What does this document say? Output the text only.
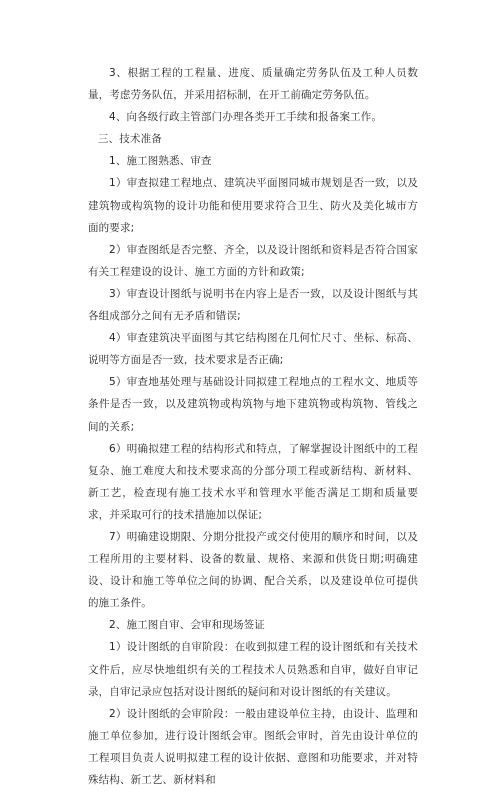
3、根据工程的工程量、进度、质量确定劳务队伍及工种人员数量，考虑劳务队伍，并采用招标制，在开工前确定劳务队伍。

4、向各级行政主管部门办理各类开工手续和报备案工作。

三、技术准备

1、施工图熟悉、审查

1）审查拟建工程地点、建筑决平面图同城市规划是否一致，以及建筑物或构筑物的设计功能和使用要求符合卫生、防火及美化城市方面的要求;

2）审查图纸是否完整、齐全，以及设计图纸和资料是否符合国家有关工程建设的设计、施工方面的方针和政策;

3）审查设计图纸与说明书在内容上是否一致，以及设计图纸与其各组成部分之间有无矛盾和错误;

4）审查建筑决平面图与其它结构图在几何忙尺寸、坐标、标高、说明等方面是否一致，技术要求是否正确;

5）审查地基处理与基础设计同拟建工程地点的工程水文、地质等条件是否一致，以及建筑物或构筑物与地下建筑物或构筑物、管线之间的关系;

6）明确拟建工程的结构形式和特点，了解掌握设计图纸中的工程复杂、施工难度大和技术要求高的分部分项工程或新结构、新材料、新工艺，检查现有施工技术水平和管理水平能否满足工期和质量要求，并采取可行的技术措施加以保证;

7）明确建设期限、分期分批投产或交付使用的顺序和时间，以及工程所用的主要材料、设备的数量、规格、来源和供货日期;明确建设、设计和施工等单位之间的协调、配合关系，以及建设单位可提供的施工条件。

2、施工图自审、会审和现场签证

1）设计图纸的自审阶段：在收到拟建工程的设计图纸和有关技术文件后，应尽快地组织有关的工程技术人员熟悉和自审，做好自审记录，自审记录应包括对设计图纸的疑问和对设计图纸的有关建议。

2）设计图纸的会审阶段：一般由建设单位主持，由设计、监理和施工单位参加，进行设计图纸会审。图纸会审时，首先由设计单位的工程项目负责人说明拟建工程的设计依据、意图和功能要求，并对特殊结构、新工艺、新材料和
